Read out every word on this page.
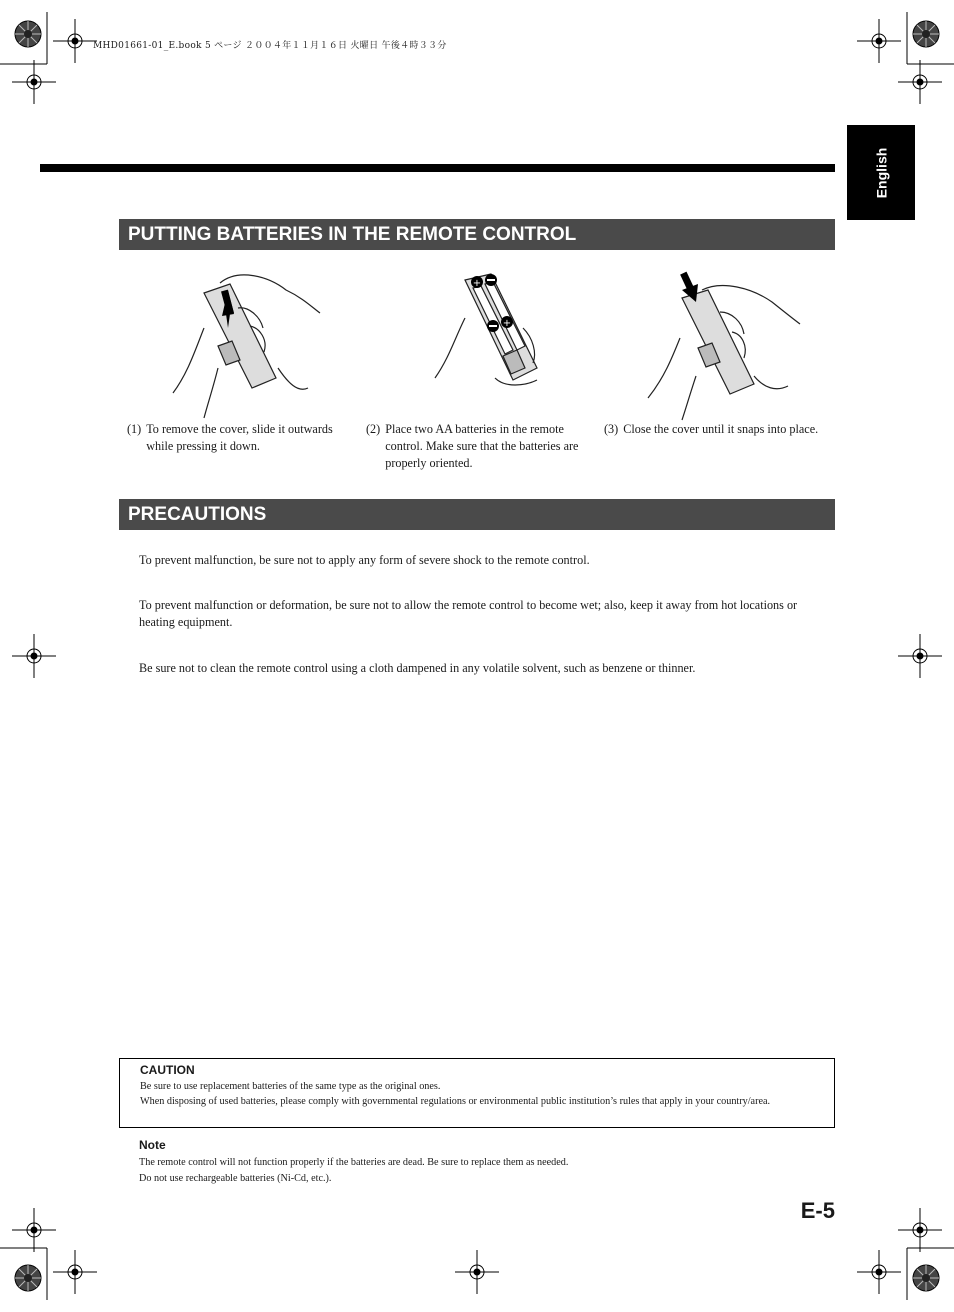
MHD01661-01_E.book 5 ページ ２００４年１１月１６日 火曜日 午後４時３３分
English
PUTTING BATTERIES IN THE REMOTE CONTROL
+
+
(1) To remove the cover, slide it outwards while pressing it down.
(2) Place two AA batteries in the remote control. Make sure that the batteries are properly oriented.
(3) Close the cover until it snaps into place.
PRECAUTIONS

To prevent malfunction, be sure not to apply any form of severe shock to the remote control.

To prevent malfunction or deformation, be sure not to allow the remote control to become wet; also, keep it away from hot locations or heating equipment.

Be sure not to clean the remote control using a cloth dampened in any volatile solvent, such as benzene or thinner.

CAUTION
Be sure to use replacement batteries of the same type as the original ones.
When disposing of used batteries, please comply with governmental regulations or environmental public institution’s rules that apply in your country/area.
Note
The remote control will not function properly if the batteries are dead. Be sure to replace them as needed.
Do not use rechargeable batteries (Ni-Cd, etc.).
E-5
